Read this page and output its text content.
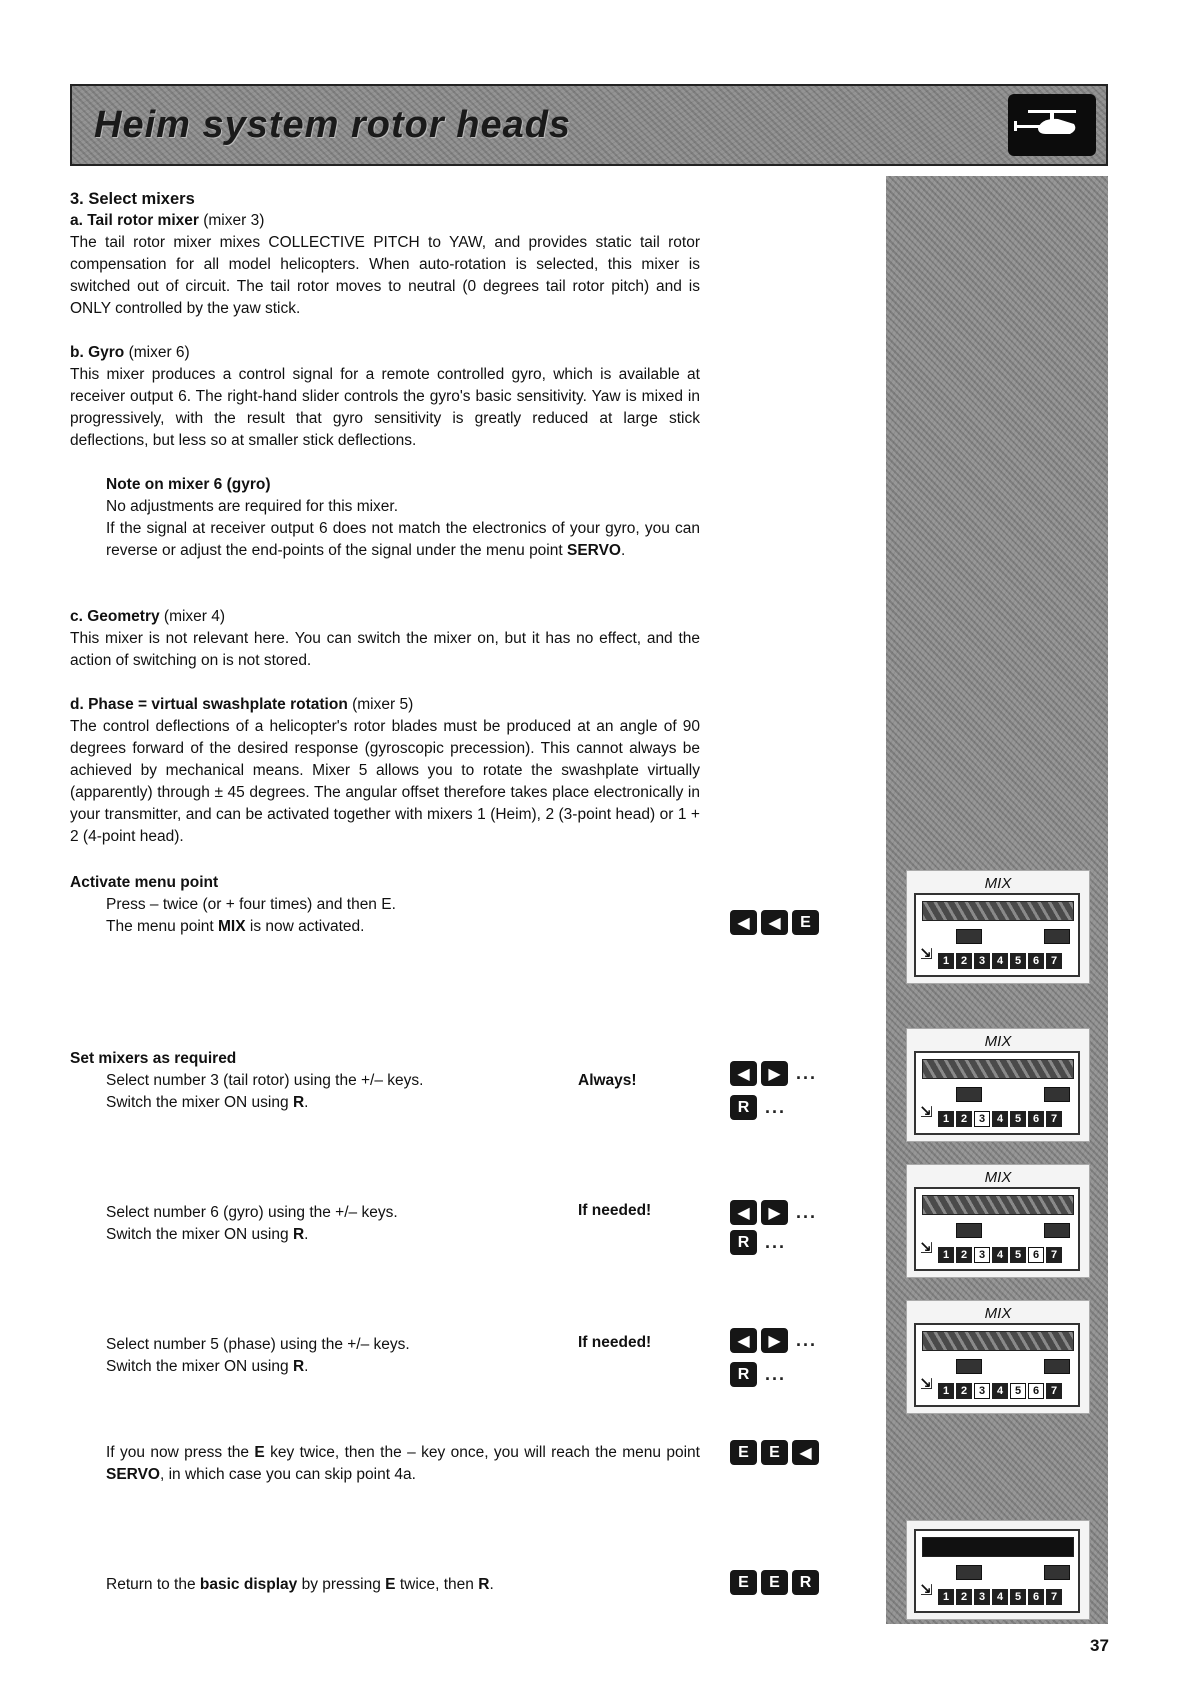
Heim system rotor heads
3. Select mixers

a. Tail rotor mixer (mixer 3)

The tail rotor mixer mixes COLLECTIVE PITCH to YAW, and provides static tail rotor compensation for all model helicopters. When auto-rotation is selected, this mixer is switched out of circuit. The tail rotor moves to neutral (0 degrees tail rotor pitch) and is ONLY controlled by the yaw stick.

b. Gyro (mixer 6)

This mixer produces a control signal for a remote controlled gyro, which is available at receiver output 6. The right-hand slider controls the gyro's basic sensitivity. Yaw is mixed in progressively, with the result that gyro sensitivity is greatly reduced at large stick deflections, but less so at smaller stick deflections.

Note on mixer 6 (gyro)

No adjustments are required for this mixer.

If the signal at receiver output 6 does not match the electronics of your gyro, you can reverse or adjust the end-points of the signal under the menu point SERVO.

c. Geometry (mixer 4)

This mixer is not relevant here. You can switch the mixer on, but it has no effect, and the action of switching on is not stored.

d. Phase = virtual swashplate rotation (mixer 5)

The control deflections of a helicopter's rotor blades must be produced at an angle of 90 degrees forward of the desired response (gyroscopic precession). This cannot always be achieved by mechanical means. Mixer 5 allows you to rotate the swashplate virtually (apparently) through ± 45 degrees. The angular offset therefore takes place electronically in your transmitter, and can be activated together with mixers 1 (Heim), 2 (3-point head) or 1 + 2 (4-point head).

Activate menu point

Press – twice (or + four times) and then E.

The menu point MIX is now activated.	◀	◀	E
Set mixers as required

Select number 3 (tail rotor) using the +/– keys.

Switch the mixer ON using R.

Always!	◀	▶ ...
R ...

Select number 6 (gyro) using the +/– keys.

Switch the mixer ON using R.

If needed!	◀	▶ ...
R ...

Select number 5 (phase) using the +/– keys.

Switch the mixer ON using R.

If needed!	◀	▶ ...
R ...
If you now press the E key twice, then the – key once, you will reach the menu point SERVO, in which case you can skip point 4a.
E	E	◀
Return to the basic display by pressing E twice, then R.	E	E	R
MIX
⇲ 1	2	3	4	5	6	7
MIX
⇲ 1	2	3	4	5	6	7
MIX
⇲ 1	2	3	4	5	6	7
MIX
⇲ 1	2	3	4	5	6	7
⇲ 1	2	3	4	5	6	7
37
